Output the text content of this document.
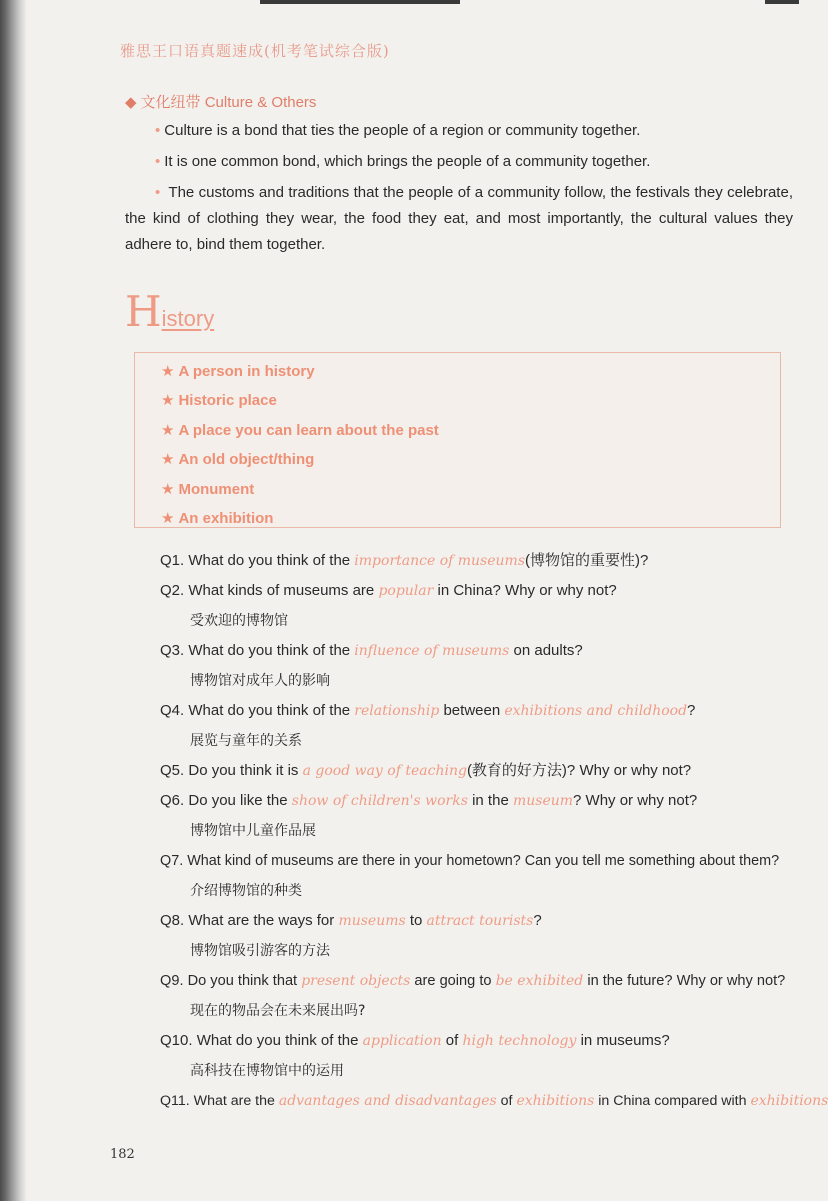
雅思王口语真题速成(机考笔试综合版)
◆ 文化纽带 Culture & Others

• Culture is a bond that ties the people of a region or community together.

• It is one common bond, which brings the people of a community together.

• The customs and traditions that the people of a community follow, the festivals they celebrate, the kind of clothing they wear, the food they eat, and most importantly, the cultural values they adhere to, bind them together.

History
★ A person in history
★ Historic place
★ A place you can learn about the past
★ An old object/thing
★ Monument
★ An exhibition
Q1. What do you think of the importance of museums(博物馆的重要性)?
Q2. What kinds of museums are popular in China? Why or why not?
受欢迎的博物馆
Q3. What do you think of the influence of museums on adults?
博物馆对成年人的影响
Q4. What do you think of the relationship between exhibitions and childhood?
展览与童年的关系
Q5. Do you think it is a good way of teaching(教育的好方法)? Why or why not?
Q6. Do you like the show of children's works in the museum? Why or why not?
博物馆中儿童作品展
Q7. What kind of museums are there in your hometown? Can you tell me something about them?
介绍博物馆的种类
Q8. What are the ways for museums to attract tourists?
博物馆吸引游客的方法
Q9. Do you think that present objects are going to be exhibited in the future? Why or why not?
现在的物品会在未来展出吗?
Q10. What do you think of the application of high technology in museums?
高科技在博物馆中的运用
Q11. What are the advantages and disadvantages of exhibitions in China compared with exhibitions
182
